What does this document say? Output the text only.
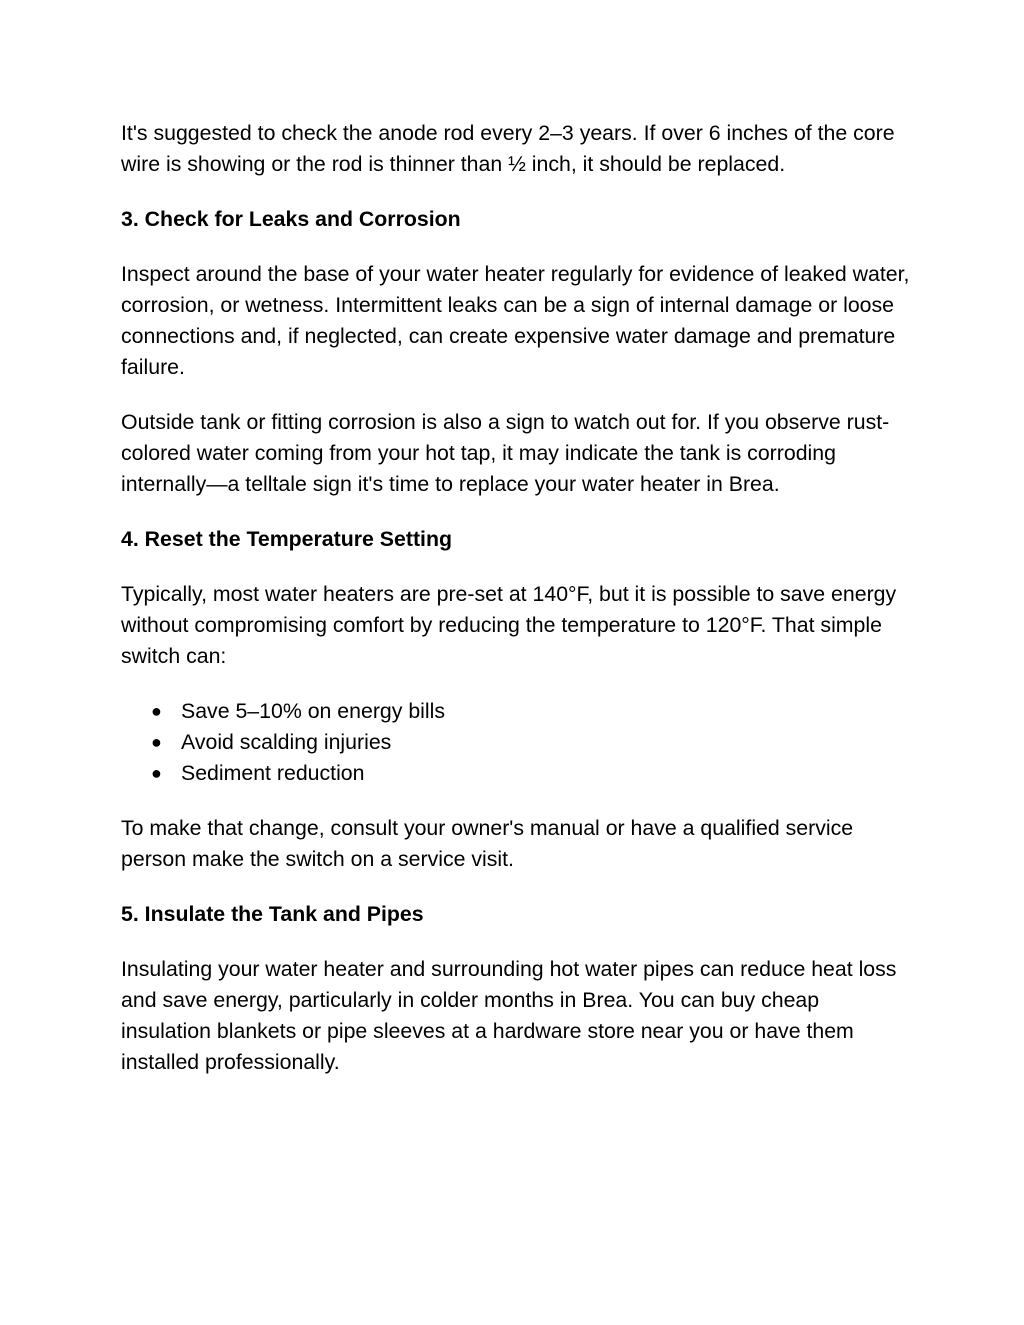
It's suggested to check the anode rod every 2–3 years. If over 6 inches of the core wire is showing or the rod is thinner than ½ inch, it should be replaced.

3. Check for Leaks and Corrosion

Inspect around the base of your water heater regularly for evidence of leaked water, corrosion, or wetness. Intermittent leaks can be a sign of internal damage or loose connections and, if neglected, can create expensive water damage and premature failure.

Outside tank or fitting corrosion is also a sign to watch out for. If you observe rust-colored water coming from your hot tap, it may indicate the tank is corroding internally—a telltale sign it's time to replace your water heater in Brea.

4. Reset the Temperature Setting

Typically, most water heaters are pre-set at 140°F, but it is possible to save energy without compromising comfort by reducing the temperature to 120°F. That simple switch can:

● Save 5–10% on energy bills
● Avoid scalding injuries
● Sediment reduction

To make that change, consult your owner's manual or have a qualified service person make the switch on a service visit.

5. Insulate the Tank and Pipes

Insulating your water heater and surrounding hot water pipes can reduce heat loss and save energy, particularly in colder months in Brea. You can buy cheap insulation blankets or pipe sleeves at a hardware store near you or have them installed professionally.
